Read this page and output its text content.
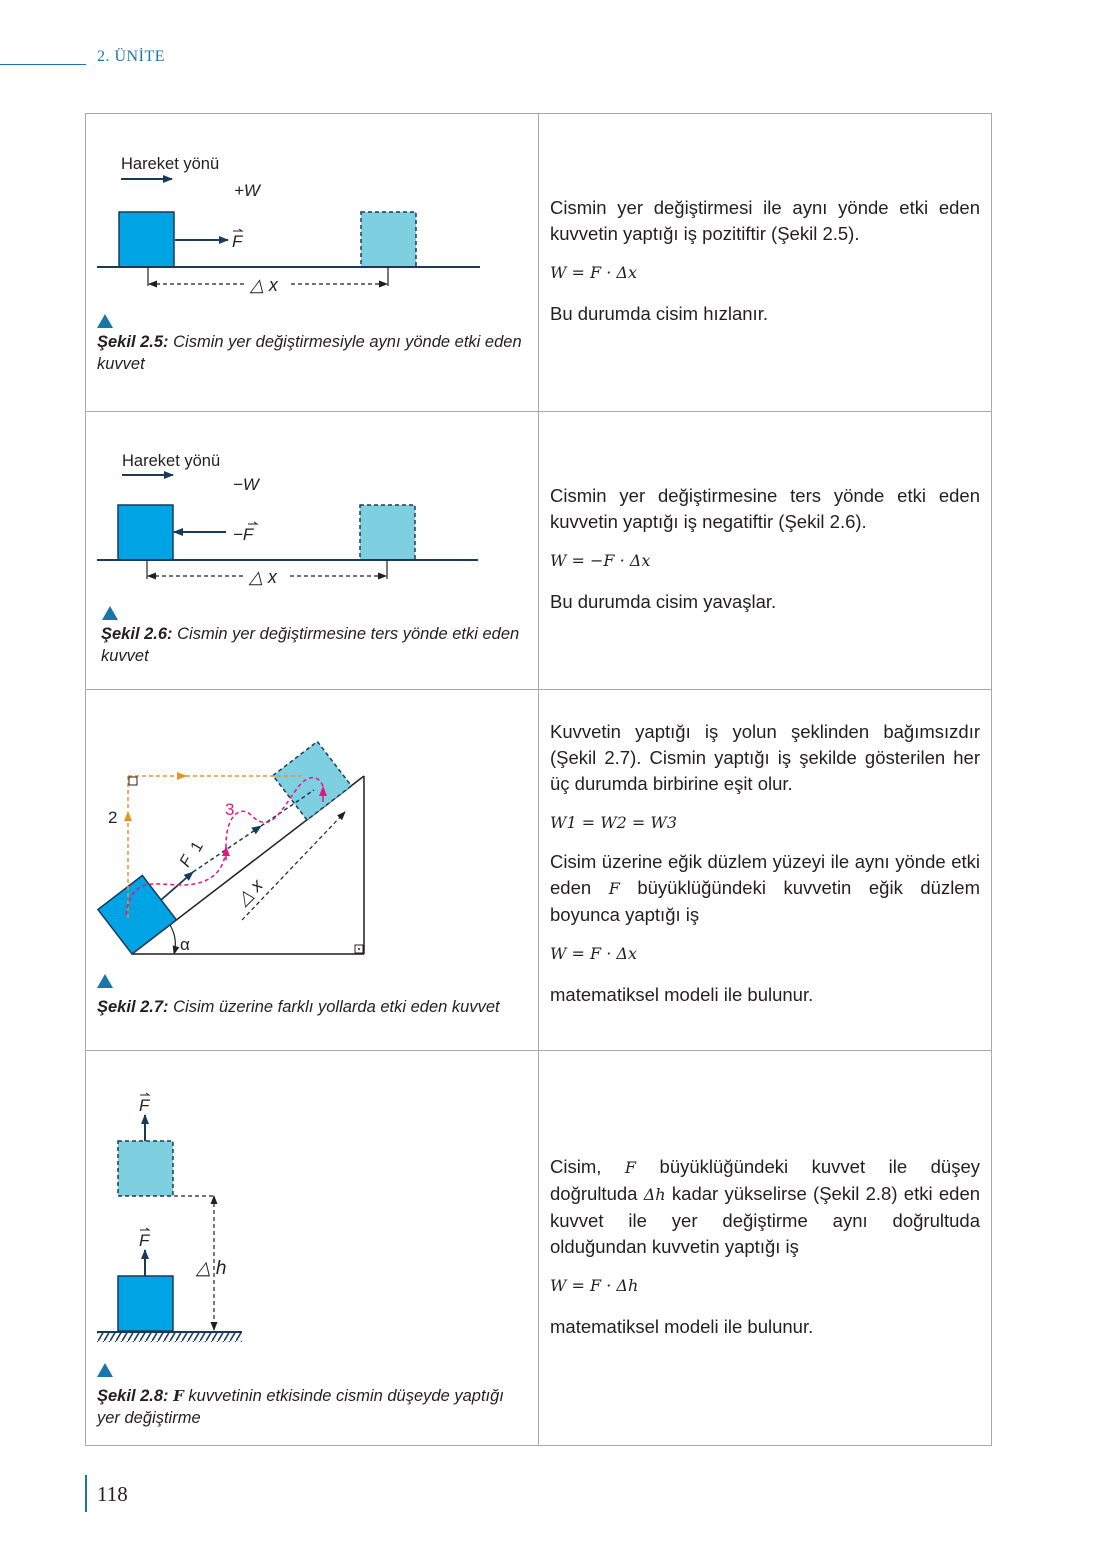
2. ÜNİTE
Hareket yönü
+W
F
△ x
Şekil 2.5: Cismin yer değiştirmesiyle aynı yönde etki eden kuvvet

Cismin yer değiştirmesi ile aynı yönde etki eden kuvvetin yaptığı iş pozitiftir (Şekil 2.5).

W = F · Δx

Bu durumda cisim hızlanır.

Hareket yönü
−W
−F
△ x
Şekil 2.6: Cismin yer değiştirmesine ters yönde etki eden kuvvet

Cismin yer değiştirmesine ters yönde etki eden kuvvetin yaptığı iş negatiftir (Şekil 2.6).

W = −F · Δx

Bu durumda cisim yavaşlar.

α
△ x
2
F
1
3
Şekil 2.7: Cisim üzerine farklı yollarda etki eden kuvvet

Kuvvetin yaptığı iş yolun şeklinden bağımsızdır (Şekil 2.7). Cismin yaptığı iş şekilde gösterilen her üç durumda birbirine eşit olur.

W1 = W2 = W3

Cisim üzerine eğik düzlem yüzeyi ile aynı yönde etki eden F büyüklüğündeki kuvvetin eğik düzlem boyunca yaptığı iş

W = F · Δx

matematiksel modeli ile bulunur.

F
△ h
F
Şekil 2.8: F kuvvetinin etkisinde cismin düşeyde yaptığı yer değiştirme

Cisim, F büyüklüğündeki kuvvet ile düşey doğrultuda Δh kadar yükselirse (Şekil 2.8) etki eden kuvvet ile yer değiştirme aynı doğrultuda olduğundan kuvvetin yaptığı iş

W = F · Δh

matematiksel modeli ile bulunur.

118
